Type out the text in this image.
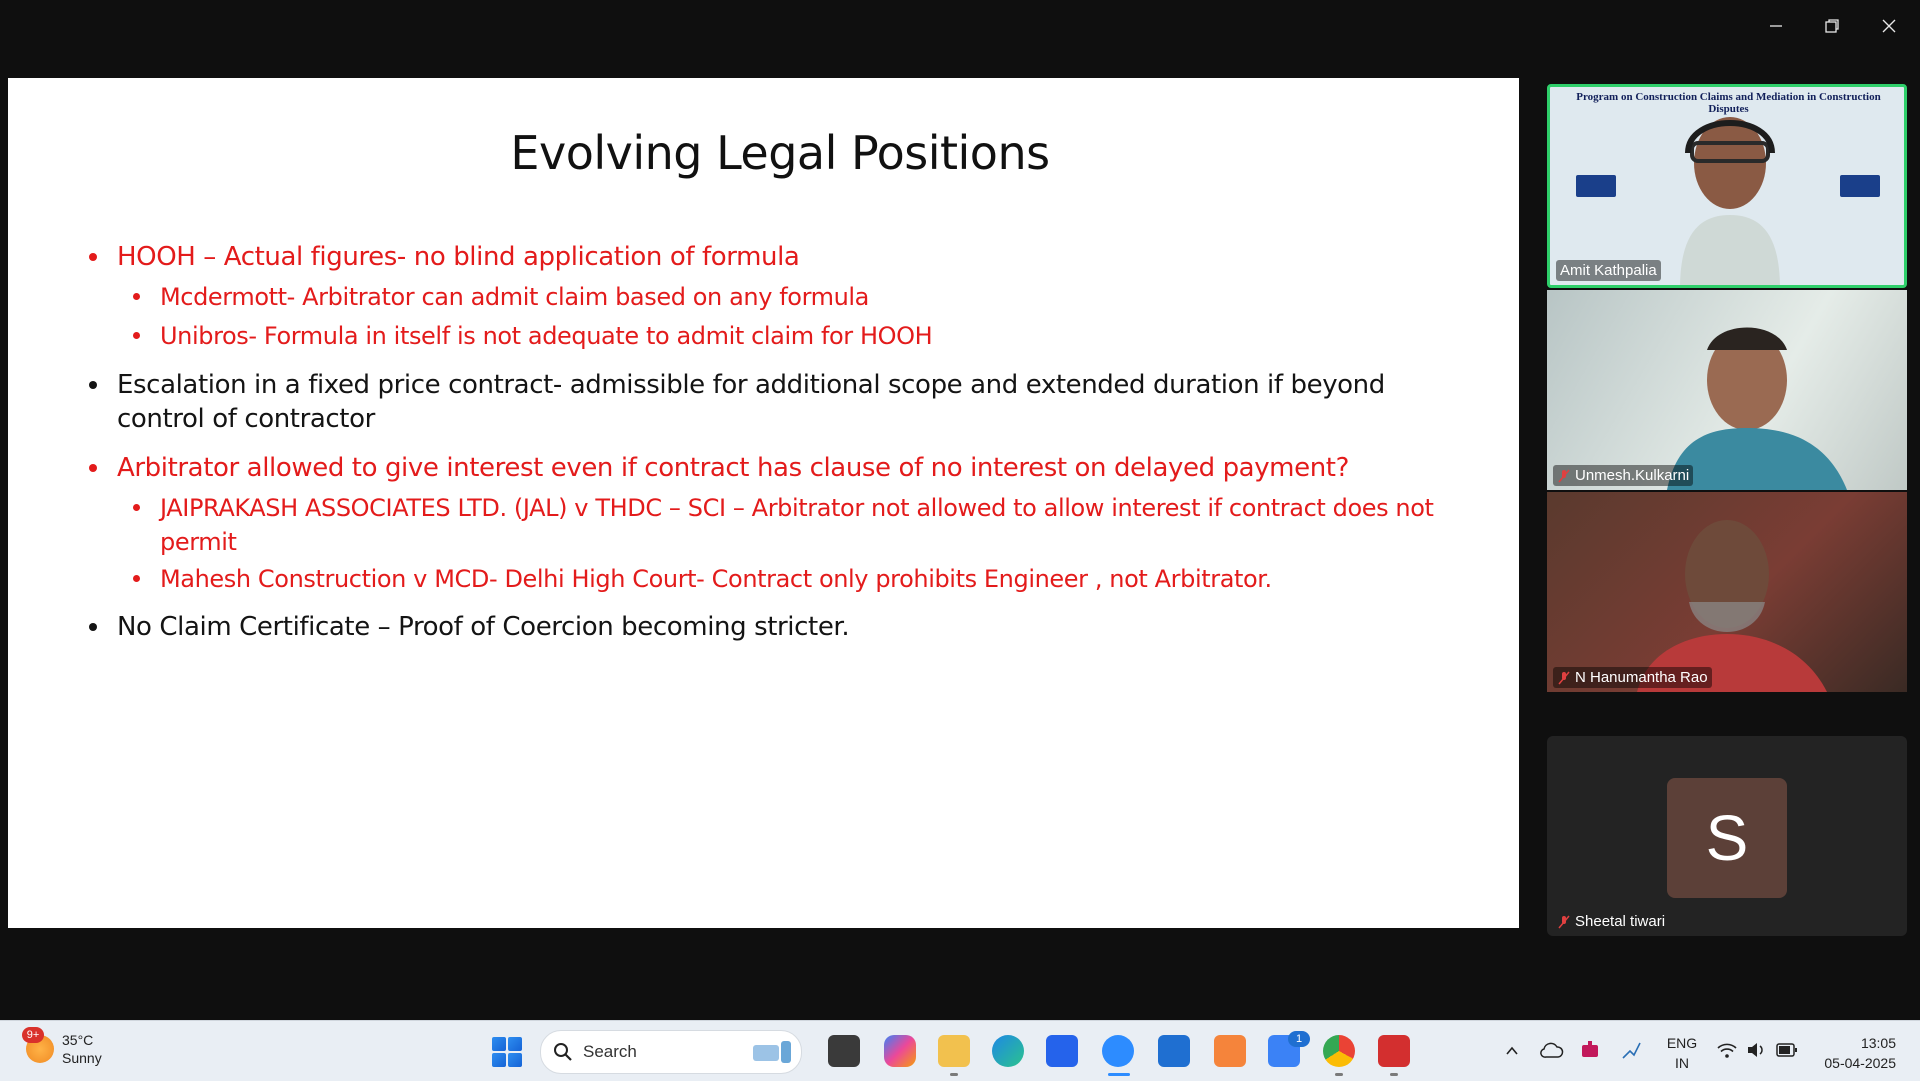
Evolving Legal Positions
HOOH – Actual figures- no blind application of formula
Mcdermott- Arbitrator can admit claim based on any formula
Unibros- Formula in itself is not adequate to admit claim for HOOH
Escalation in a fixed price contract- admissible for additional scope and extended duration if beyond
control of contractor
Arbitrator allowed to give interest even if contract has clause of no interest on delayed payment?
JAIPRAKASH ASSOCIATES LTD. (JAL) v THDC – SCI – Arbitrator not allowed to allow interest if contract does not
permit
Mahesh Construction v MCD- Delhi High Court- Contract only prohibits Engineer , not Arbitrator.
No Claim Certificate – Proof of Coercion becoming stricter.
Program on Construction Claims and Mediation in Construction Disputes
Amit Kathpalia
Unmesh.Kulkarni
N Hanumantha Rao
S
Sheetal tiwari
9+	35°C
Sunny	Search
1	ENG
IN
13:05
05-04-2025
